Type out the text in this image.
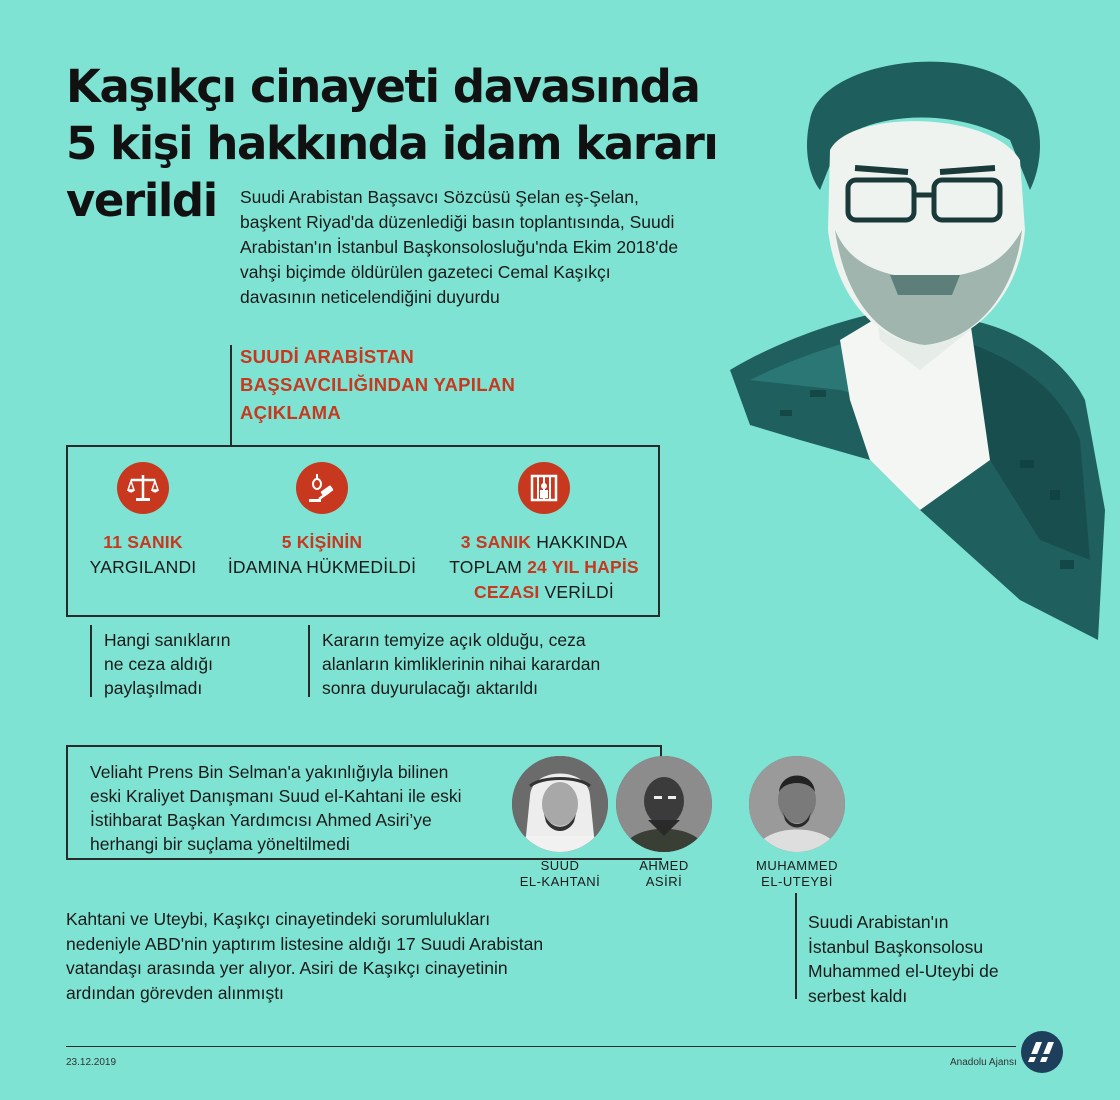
Kaşıkçı cinayeti davasında
5 kişi hakkında idam kararı
verildi	Suudi Arabistan Başsavcı Sözcüsü Şelan eş-Şelan,
başkent Riyad'da düzenlediği basın toplantısında, Suudi
Arabistan'ın İstanbul Başkonsolosluğu'nda Ekim 2018'de
vahşi biçimde öldürülen gazeteci Cemal Kaşıkçı
davasının neticelendiğini duyurdu
SUUDİ ARABİSTAN
BAŞSAVCILIĞINDAN YAPILAN
AÇIKLAMA
11 SANIK
YARGILANDI
5 KİŞİNİN
İDAMINA HÜKMEDİLDİ
3 SANIK HAKKINDA
TOPLAM 24 YIL HAPİS
CEZASI VERİLDİ
Hangi sanıkların
ne ceza aldığı
paylaşılmadı
Kararın temyize açık olduğu, ceza
alanların kimliklerinin nihai karardan
sonra duyurulacağı aktarıldı
Veliaht Prens Bin Selman'a yakınlığıyla bilinen
eski Kraliyet Danışmanı Suud el-Kahtani ile eski
İstihbarat Başkan Yardımcısı Ahmed Asiri’ye
herhangi bir suçlama yöneltilmedi
SUUD
EL-KAHTANİ
AHMED
ASİRİ
MUHAMMED
EL-UTEYBİ
Kahtani ve Uteybi, Kaşıkçı cinayetindeki sorumlulukları
nedeniyle ABD'nin yaptırım listesine aldığı 17 Suudi Arabistan
vatandaşı arasında yer alıyor. Asiri de Kaşıkçı cinayetinin
ardından görevden alınmıştı
Suudi Arabistan'ın
İstanbul Başkonsolosu
Muhammed el-Uteybi de
serbest kaldı
23.12.2019	Anadolu Ajansı
